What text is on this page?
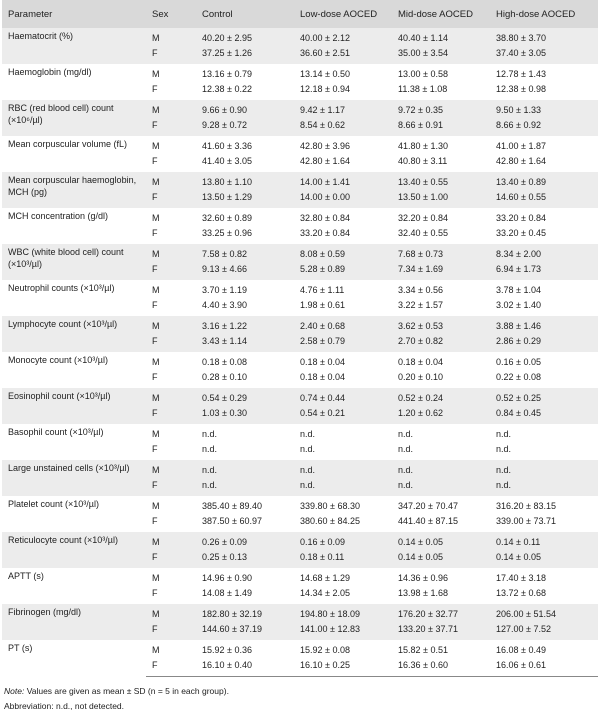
Parameter	Sex	Control	Low-dose AOCED	Mid-dose AOCED	High-dose AOCED
Haematocrit (%)	M	40.20 ± 2.95	40.00 ± 2.12	40.40 ± 1.14	38.80 ± 3.70
	F	37.25 ± 1.26	36.60 ± 2.51	35.00 ± 3.54	37.40 ± 3.05
Haemoglobin (mg/dl)	M	13.16 ± 0.79	13.14 ± 0.50	13.00 ± 0.58	12.78 ± 1.43
	F	12.38 ± 0.22	12.18 ± 0.94	11.38 ± 1.08	12.38 ± 0.98
RBC (red blood cell) count (×10⁶/µl)	M	9.66 ± 0.90	9.42 ± 1.17	9.72 ± 0.35	9.50 ± 1.33
	F	9.28 ± 0.72	8.54 ± 0.62	8.66 ± 0.91	8.66 ± 0.92
Mean corpuscular volume (fL)	M	41.60 ± 3.36	42.80 ± 3.96	41.80 ± 1.30	41.00 ± 1.87
	F	41.40 ± 3.05	42.80 ± 1.64	40.80 ± 3.11	42.80 ± 1.64
Mean corpuscular haemoglobin, MCH (pg)	M	13.80 ± 1.10	14.00 ± 1.41	13.40 ± 0.55	13.40 ± 0.89
	F	13.50 ± 1.29	14.00 ± 0.00	13.50 ± 1.00	14.60 ± 0.55
MCH concentration (g/dl)	M	32.60 ± 0.89	32.80 ± 0.84	32.20 ± 0.84	33.20 ± 0.84
	F	33.25 ± 0.96	33.20 ± 0.84	32.40 ± 0.55	33.20 ± 0.45
WBC (white blood cell) count (×10³/µl)	M	7.58 ± 0.82	8.08 ± 0.59	7.68 ± 0.73	8.34 ± 2.00
	F	9.13 ± 4.66	5.28 ± 0.89	7.34 ± 1.69	6.94 ± 1.73
Neutrophil counts (×10³/µl)	M	3.70 ± 1.19	4.76 ± 1.11	3.34 ± 0.56	3.78 ± 1.04
	F	4.40 ± 3.90	1.98 ± 0.61	3.22 ± 1.57	3.02 ± 1.40
Lymphocyte count (×10³/µl)	M	3.16 ± 1.22	2.40 ± 0.68	3.62 ± 0.53	3.88 ± 1.46
	F	3.43 ± 1.14	2.58 ± 0.79	2.70 ± 0.82	2.86 ± 0.29
Monocyte count (×10³/µl)	M	0.18 ± 0.08	0.18 ± 0.04	0.18 ± 0.04	0.16 ± 0.05
	F	0.28 ± 0.10	0.18 ± 0.04	0.20 ± 0.10	0.22 ± 0.08
Eosinophil count (×10³/µl)	M	0.54 ± 0.29	0.74 ± 0.44	0.52 ± 0.24	0.52 ± 0.25
	F	1.03 ± 0.30	0.54 ± 0.21	1.20 ± 0.62	0.84 ± 0.45
Basophil count (×10³/µl)	M	n.d.	n.d.	n.d.	n.d.
	F	n.d.	n.d.	n.d.	n.d.
Large unstained cells (×10³/µl)	M	n.d.	n.d.	n.d.	n.d.
	F	n.d.	n.d.	n.d.	n.d.
Platelet count (×10³/µl)	M	385.40 ± 89.40	339.80 ± 68.30	347.20 ± 70.47	316.20 ± 83.15
	F	387.50 ± 60.97	380.60 ± 84.25	441.40 ± 87.15	339.00 ± 73.71
Reticulocyte count (×10³/µl)	M	0.26 ± 0.09	0.16 ± 0.09	0.14 ± 0.05	0.14 ± 0.11
	F	0.25 ± 0.13	0.18 ± 0.11	0.14 ± 0.05	0.14 ± 0.05
APTT (s)	M	14.96 ± 0.90	14.68 ± 1.29	14.36 ± 0.96	17.40 ± 3.18
	F	14.08 ± 1.49	14.34 ± 2.05	13.98 ± 1.68	13.72 ± 0.68
Fibrinogen (mg/dl)	M	182.80 ± 32.19	194.80 ± 18.09	176.20 ± 32.77	206.00 ± 51.54
	F	144.60 ± 37.19	141.00 ± 12.83	133.20 ± 37.71	127.00 ± 7.52
PT (s)	M	15.92 ± 0.36	15.92 ± 0.08	15.82 ± 0.51	16.08 ± 0.49
	F	16.10 ± 0.40	16.10 ± 0.25	16.36 ± 0.60	16.06 ± 0.61
Note: Values are given as mean ± SD (n = 5 in each group).
Abbreviation: n.d., not detected.
